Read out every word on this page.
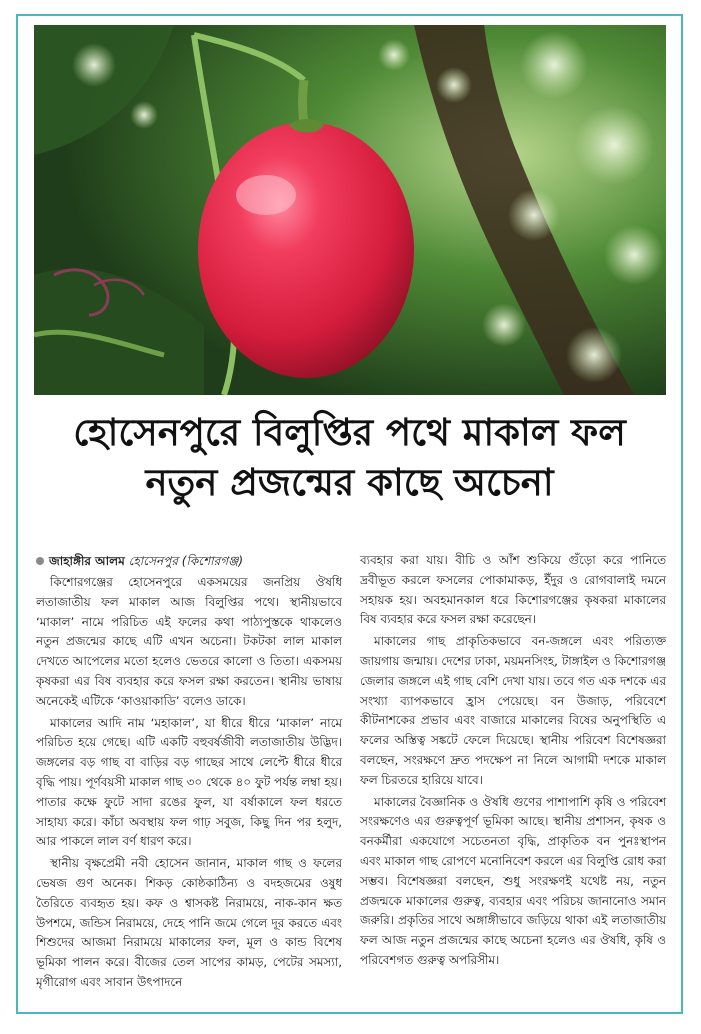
হোসেনপুরে বিলুপ্তির পথে মাকাল ফল
নতুন প্রজন্মের কাছে অচেনা
জাহাঙ্গীর আলম হোসেনপুর (কিশোরগঞ্জ)

কিশোরগঞ্জের হোসেনপুরে একসময়ের জনপ্রিয় ঔষধি লতাজাতীয় ফল মাকাল আজ বিলুপ্তির পথে। স্থানীয়ভাবে ‘মাকাল’ নামে পরিচিত এই ফলের কথা পাঠ্যপুস্তকে থাকলেও নতুন প্রজন্মের কাছে এটি এখন অচেনা। টকটকা লাল মাকাল দেখতে আপেলের মতো হলেও ভেতরে কালো ও তিতা। একসময় কৃষকরা এর বিষ ব্যবহার করে ফসল রক্ষা করতেন। স্থানীয় ভাষায় অনেকেই এটিকে ‘কাওয়াকাডি’ বলেও ডাকে।

মাকালের আদি নাম ‘মহাকাল’, যা ধীরে ধীরে ‘মাকাল’ নামে পরিচিত হয়ে গেছে। এটি একটি বহুবর্ষজীবী লতাজাতীয় উদ্ভিদ। জঙ্গলের বড় গাছ বা বাড়ির বড় গাছের সাথে লেপ্টে ধীরে ধীরে বৃদ্ধি পায়। পূর্ণবয়সী মাকাল গাছ ৩০ থেকে ৪০ ফুট পর্যন্ত লম্বা হয়। পাতার কক্ষে ফুটে সাদা রঙের ফুল, যা বর্ষাকালে ফল ধরতে সাহায্য করে। কাঁচা অবস্থায় ফল গাঢ় সবুজ, কিছু দিন পর হলুদ, আর পাকলে লাল বর্ণ ধারণ করে।

স্থানীয় বৃক্ষপ্রেমী নবী হোসেন জানান, মাকাল গাছ ও ফলের ভেষজ গুণ অনেক। শিকড় কোষ্ঠকাঠিন্য ও বদহজমের ওষুধ তৈরিতে ব্যবহৃত হয়। কফ ও শ্বাসকষ্ট নিরাময়ে, নাক-কান ক্ষত উপশমে, জন্ডিস নিরাময়ে, দেহে পানি জমে গেলে দূর করতে এবং শিশুদের আজমা নিরাময়ে মাকালের ফল, মূল ও কান্ড বিশেষ ভূমিকা পালন করে। বীজের তেল সাপের কামড়, পেটের সমস্যা, মৃগীরোগ এবং সাবান উৎপাদনে

ব্যবহার করা যায়। বীচি ও আঁশ শুকিয়ে গুঁড়ো করে পানিতে দ্রবীভূত করলে ফসলের পোকামাকড়, ইঁদুর ও রোগবালাই দমনে সহায়ক হয়। অবহমানকাল ধরে কিশোরগঞ্জের কৃষকরা মাকালের বিষ ব্যবহার করে ফসল রক্ষা করেছেন।

মাকালের গাছ প্রাকৃতিকভাবে বন-জঙ্গলে এবং পরিত্যক্ত জায়গায় জন্মায়। দেশের ঢাকা, ময়মনসিংহ, টাঙ্গাইল ও কিশোরগঞ্জ জেলার জঙ্গলে এই গাছ বেশি দেখা যায়। তবে গত এক দশকে এর সংখ্যা ব্যাপকভাবে হ্রাস পেয়েছে। বন উজাড়, পরিবেশে কীটনাশকের প্রভাব এবং বাজারে মাকালের বিষের অনুপস্থিতি এ ফলের অস্তিত্ব সঙ্কটে ফেলে দিয়েছে। স্থানীয় পরিবেশ বিশেষজ্ঞরা বলছেন, সংরক্ষণে দ্রুত পদক্ষেপ না নিলে আগামী দশকে মাকাল ফল চিরতরে হারিয়ে যাবে।

মাকালের বৈজ্ঞানিক ও ঔষধি গুণের পাশাপাশি কৃষি ও পরিবেশ সংরক্ষণেও এর গুরুত্বপূর্ণ ভূমিকা আছে। স্থানীয় প্রশাসন, কৃষক ও বনকর্মীরা একযোগে সচেতনতা বৃদ্ধি, প্রাকৃতিক বন পুনঃস্থাপন এবং মাকাল গাছ রোপণে মনোনিবেশ করলে এর বিলুপ্তি রোধ করা সম্ভব। বিশেষজ্ঞরা বলছেন, শুধু সংরক্ষণই যথেষ্ট নয়, নতুন প্রজন্মকে মাকালের গুরুত্ব, ব্যবহার এবং পরিচয় জানানোও সমান জরুরি। প্রকৃতির সাথে অঙ্গাঙ্গীভাবে জড়িয়ে থাকা এই লতাজাতীয় ফল আজ নতুন প্রজন্মের কাছে অচেনা হলেও এর ঔষধি, কৃষি ও পরিবেশগত গুরুত্ব অপরিসীম।
